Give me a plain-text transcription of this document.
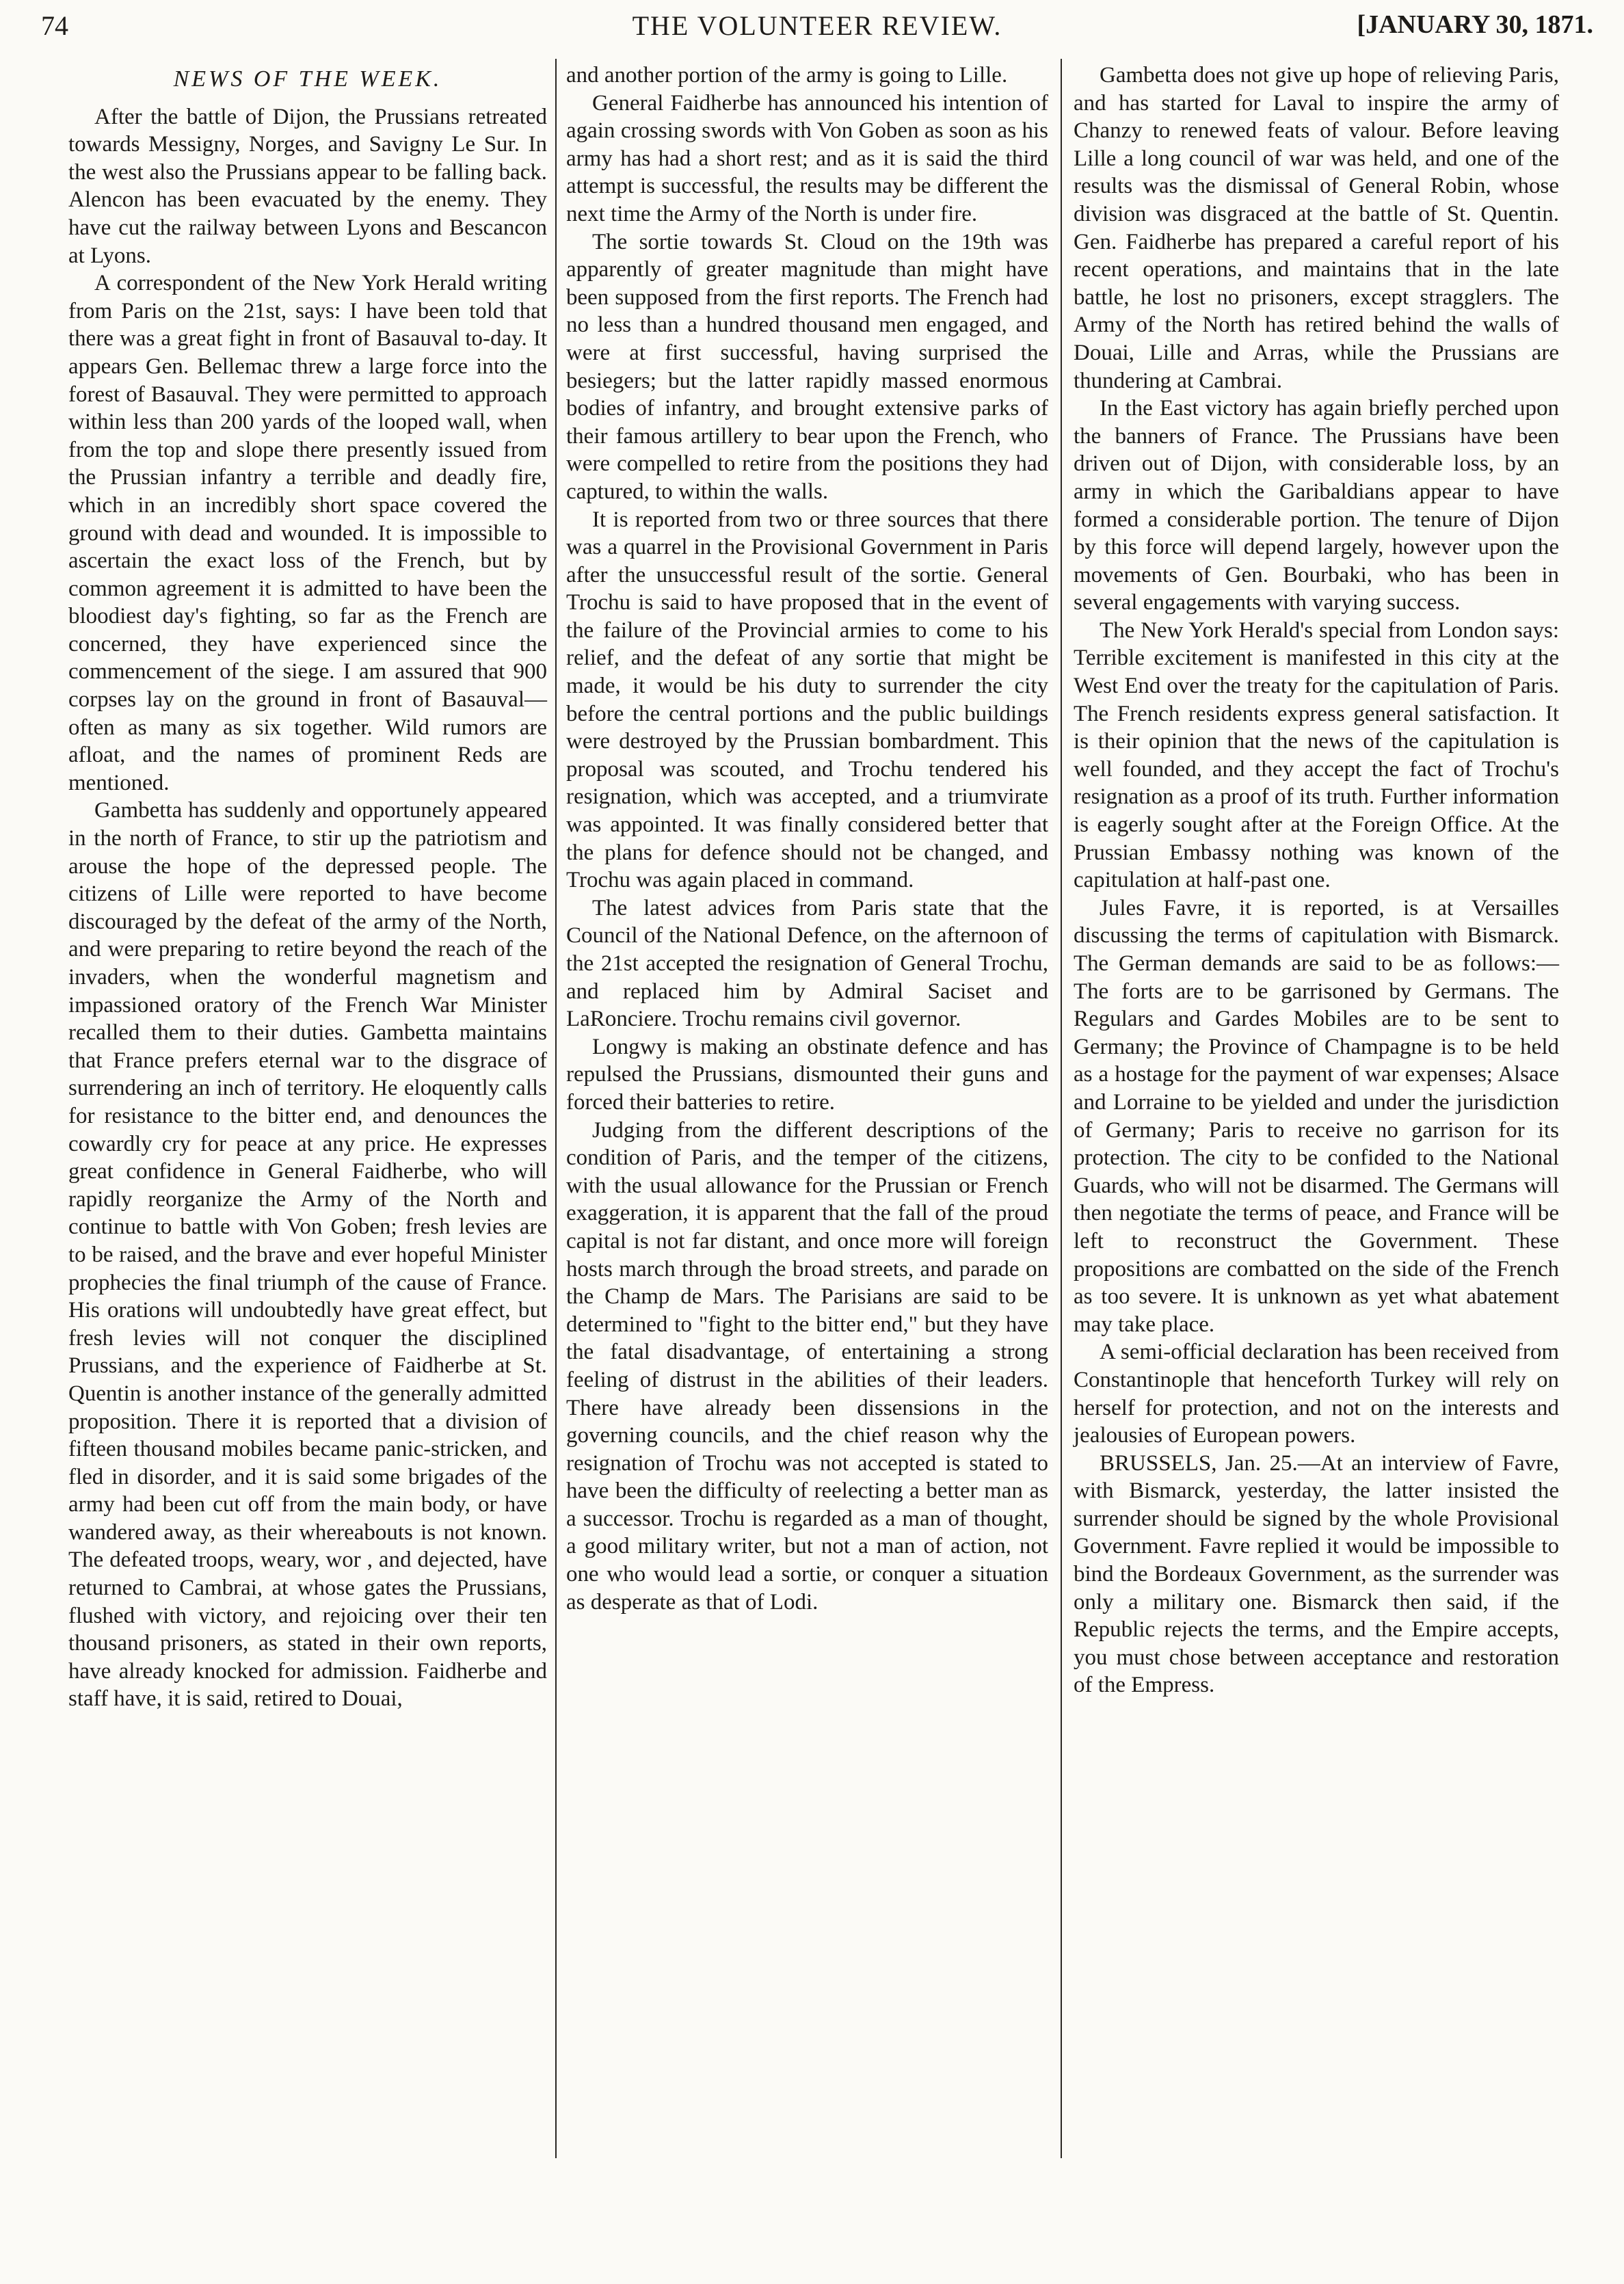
74	THE VOLUNTEER REVIEW.	[JANUARY 30, 1871.
NEWS OF THE WEEK.

After the battle of Dijon, the Prussians retreated towards Messigny, Norges, and Savigny Le Sur. In the west also the Prussians appear to be falling back. Alencon has been evacuated by the enemy. They have cut the railway between Lyons and Bescancon at Lyons.

A correspondent of the New York Herald writing from Paris on the 21st, says: I have been told that there was a great fight in front of Basauval to-day. It appears Gen. Bellemac threw a large force into the forest of Basauval. They were permitted to approach within less than 200 yards of the looped wall, when from the top and slope there presently issued from the Prussian infantry a terrible and deadly fire, which in an incredibly short space covered the ground with dead and wounded. It is impossible to ascertain the exact loss of the French, but by common agreement it is admitted to have been the bloodiest day's fighting, so far as the French are concerned, they have experienced since the commencement of the siege. I am assured that 900 corpses lay on the ground in front of Basauval—often as many as six together. Wild rumors are afloat, and the names of prominent Reds are mentioned.

Gambetta has suddenly and opportunely appeared in the north of France, to stir up the patriotism and arouse the hope of the depressed people. The citizens of Lille were reported to have become discouraged by the defeat of the army of the North, and were preparing to retire beyond the reach of the invaders, when the wonderful magnetism and impassioned oratory of the French War Minister recalled them to their duties. Gambetta maintains that France prefers eternal war to the disgrace of surrendering an inch of territory. He eloquently calls for resistance to the bitter end, and denounces the cowardly cry for peace at any price. He expresses great confidence in General Faidherbe, who will rapidly reorganize the Army of the North and continue to battle with Von Goben; fresh levies are to be raised, and the brave and ever hopeful Minister prophecies the final triumph of the cause of France. His orations will undoubtedly have great effect, but fresh levies will not conquer the disciplined Prussians, and the experience of Faidherbe at St. Quentin is another instance of the generally admitted proposition. There it is reported that a division of fifteen thousand mobiles became panic-stricken, and fled in disorder, and it is said some brigades of the army had been cut off from the main body, or have wandered away, as their whereabouts is not known. The defeated troops, weary, wor , and dejected, have returned to Cambrai, at whose gates the Prussians, flushed with victory, and rejoicing over their ten thousand prisoners, as stated in their own reports, have already knocked for admission. Faidherbe and staff have, it is said, retired to Douai,

and another portion of the army is going to Lille.

General Faidherbe has announced his intention of again crossing swords with Von Goben as soon as his army has had a short rest; and as it is said the third attempt is successful, the results may be different the next time the Army of the North is under fire.

The sortie towards St. Cloud on the 19th was apparently of greater magnitude than might have been supposed from the first reports. The French had no less than a hundred thousand men engaged, and were at first successful, having surprised the besiegers; but the latter rapidly massed enormous bodies of infantry, and brought extensive parks of their famous artillery to bear upon the French, who were compelled to retire from the positions they had captured, to within the walls.

It is reported from two or three sources that there was a quarrel in the Provisional Government in Paris after the unsuccessful result of the sortie. General Trochu is said to have proposed that in the event of the failure of the Provincial armies to come to his relief, and the defeat of any sortie that might be made, it would be his duty to surrender the city before the central portions and the public buildings were destroyed by the Prussian bombardment. This proposal was scouted, and Trochu tendered his resignation, which was accepted, and a triumvirate was appointed. It was finally considered better that the plans for defence should not be changed, and Trochu was again placed in command.

The latest advices from Paris state that the Council of the National Defence, on the afternoon of the 21st accepted the resignation of General Trochu, and replaced him by Admiral Saciset and LaRonciere. Trochu remains civil governor.

Longwy is making an obstinate defence and has repulsed the Prussians, dismounted their guns and forced their batteries to retire.

Judging from the different descriptions of the condition of Paris, and the temper of the citizens, with the usual allowance for the Prussian or French exaggeration, it is apparent that the fall of the proud capital is not far distant, and once more will foreign hosts march through the broad streets, and parade on the Champ de Mars. The Parisians are said to be determined to "fight to the bitter end," but they have the fatal disadvantage, of entertaining a strong feeling of distrust in the abilities of their leaders. There have already been dissensions in the governing councils, and the chief reason why the resignation of Trochu was not accepted is stated to have been the difficulty of reelecting a better man as a successor. Trochu is regarded as a man of thought, a good military writer, but not a man of action, not one who would lead a sortie, or conquer a situation as desperate as that of Lodi.

Gambetta does not give up hope of relieving Paris, and has started for Laval to inspire the army of Chanzy to renewed feats of valour. Before leaving Lille a long council of war was held, and one of the results was the dismissal of General Robin, whose division was disgraced at the battle of St. Quentin. Gen. Faidherbe has prepared a careful report of his recent operations, and maintains that in the late battle, he lost no prisoners, except stragglers. The Army of the North has retired behind the walls of Douai, Lille and Arras, while the Prussians are thundering at Cambrai.

In the East victory has again briefly perched upon the banners of France. The Prussians have been driven out of Dijon, with considerable loss, by an army in which the Garibaldians appear to have formed a considerable portion. The tenure of Dijon by this force will depend largely, however upon the movements of Gen. Bourbaki, who has been in several engagements with varying success.

The New York Herald's special from London says: Terrible excitement is manifested in this city at the West End over the treaty for the capitulation of Paris. The French residents express general satisfaction. It is their opinion that the news of the capitulation is well founded, and they accept the fact of Trochu's resignation as a proof of its truth. Further information is eagerly sought after at the Foreign Office. At the Prussian Embassy nothing was known of the capitulation at half-past one.

Jules Favre, it is reported, is at Versailles discussing the terms of capitulation with Bismarck. The German demands are said to be as follows:—The forts are to be garrisoned by Germans. The Regulars and Gardes Mobiles are to be sent to Germany; the Province of Champagne is to be held as a hostage for the payment of war expenses; Alsace and Lorraine to be yielded and under the jurisdiction of Germany; Paris to receive no garrison for its protection. The city to be confided to the National Guards, who will not be disarmed. The Germans will then negotiate the terms of peace, and France will be left to reconstruct the Government. These propositions are combatted on the side of the French as too severe. It is unknown as yet what abatement may take place.

A semi-official declaration has been received from Constantinople that henceforth Turkey will rely on herself for protection, and not on the interests and jealousies of European powers.

BRUSSELS, Jan. 25.—At an interview of Favre, with Bismarck, yesterday, the latter insisted the surrender should be signed by the whole Provisional Government. Favre replied it would be impossible to bind the Bordeaux Government, as the surrender was only a military one. Bismarck then said, if the Republic rejects the terms, and the Empire accepts, you must chose between acceptance and restoration of the Empress.
